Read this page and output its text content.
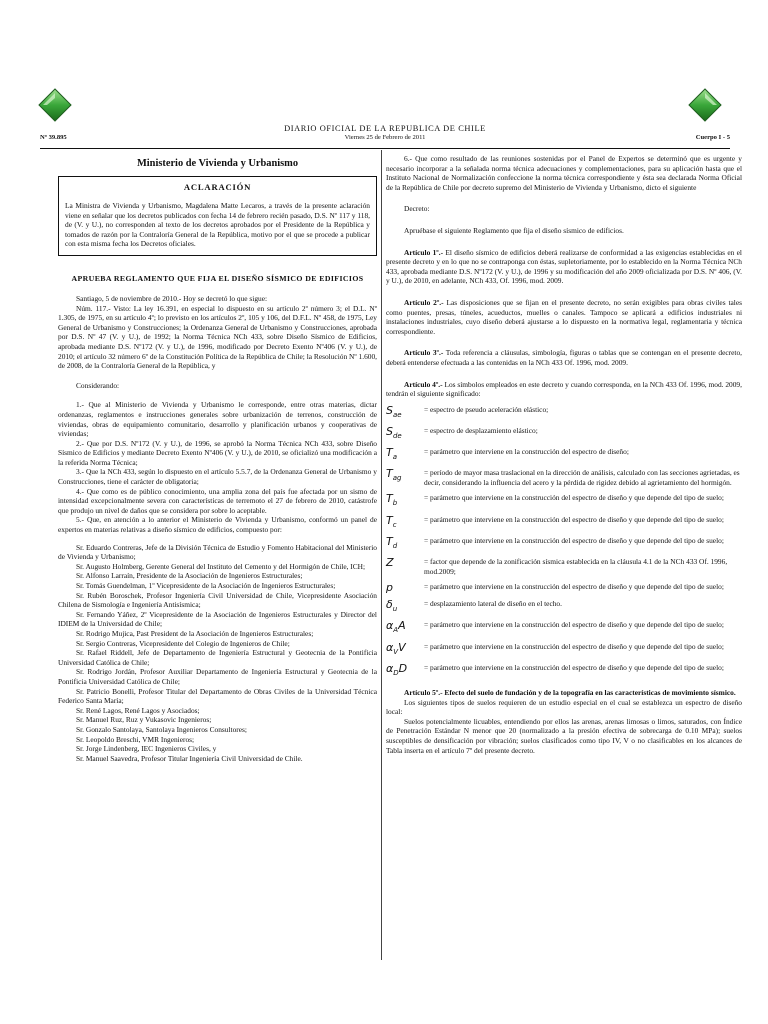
DIARIO OFICIAL DE LA REPUBLICA DE CHILE
Nº 39.895	Viernes 25 de Febrero de 2011	Cuerpo I - 5
Ministerio de Vivienda y Urbanismo
ACLARACIÓN

La Ministra de Vivienda y Urbanismo, Magdalena Matte Lecaros, a través de la presente aclaración viene en señalar que los decretos publicados con fecha 14 de febrero recién pasado, D.S. Nº 117 y 118, de (V. y U.), no corresponden al texto de los decretos aprobados por el Presidente de la República y tomados de razón por la Contraloría General de la República, motivo por el que se procede a publicar con esta misma fecha los Decretos oficiales.

APRUEBA REGLAMENTO QUE FIJA EL DISEÑO SÍSMICO DE EDIFICIOS

Santiago, 5 de noviembre de 2010.- Hoy se decretó lo que sigue:

Núm. 117.- Visto: La ley 16.391, en especial lo dispuesto en su artículo 2º número 3; el D.L. Nº 1.305, de 1975, en su artículo 4º; lo previsto en los artículos 2º, 105 y 106, del D.F.L. Nº 458, de 1975, Ley General de Urbanismo y Construcciones; la Ordenanza General de Urbanismo y Construcciones, aprobada por D.S. Nº 47 (V. y U.), de 1992; la Norma Técnica NCh 433, sobre Diseño Sísmico de Edificios, aprobada mediante D.S. Nº172 (V. y U.), de 1996, modificado por Decreto Exento Nº406 (V. y U.), de 2010; el artículo 32 número 6º de la Constitución Política de la República de Chile; la Resolución Nº 1.600, de 2008, de la Contraloría General de la República, y

Considerando:

1.- Que al Ministerio de Vivienda y Urbanismo le corresponde, entre otras materias, dictar ordenanzas, reglamentos e instrucciones generales sobre urbanización de terrenos, construcción de viviendas, obras de equipamiento comunitario, desarrollo y planificación urbanos y cooperativas de viviendas;

2.- Que por D.S. Nº172 (V. y U.), de 1996, se aprobó la Norma Técnica NCh 433, sobre Diseño Sísmico de Edificios y mediante Decreto Exento Nº406 (V. y U.), de 2010, se oficializó una modificación a la referida Norma Técnica;

3.- Que la NCh 433, según lo dispuesto en el artículo 5.5.7, de la Ordenanza General de Urbanismo y Construcciones, tiene el carácter de obligatoria;

4.- Que como es de público conocimiento, una amplia zona del país fue afectada por un sismo de intensidad excepcionalmente severa con características de terremoto el 27 de febrero de 2010, catástrofe que produjo un nivel de daños que se considera por sobre lo aceptable.

5.- Que, en atención a lo anterior el Ministerio de Vivienda y Urbanismo, conformó un panel de expertos en materias relativas a diseño sísmico de edificios, compuesto por:

Sr. Eduardo Contreras, Jefe de la División Técnica de Estudio y Fomento Habitacional del Ministerio de Vivienda y Urbanismo;

Sr. Augusto Holmberg, Gerente General del Instituto del Cemento y del Hormigón de Chile, ICH;

Sr. Alfonso Larraín, Presidente de la Asociación de Ingenieros Estructurales;

Sr. Tomás Guendelman, 1º Vicepresidente de la Asociación de Ingenieros Estructurales;

Sr. Rubén Boroschek, Profesor Ingeniería Civil Universidad de Chile, Vicepresidente Asociación Chilena de Sismología e Ingeniería Antisísmica;

Sr. Fernando Yáñez, 2º Vicepresidente de la Asociación de Ingenieros Estructurales y Director del IDIEM de la Universidad de Chile;

Sr. Rodrigo Mujica, Past President de la Asociación de Ingenieros Estructurales;

Sr. Sergio Contreras, Vicepresidente del Colegio de Ingenieros de Chile;

Sr. Rafael Riddell, Jefe de Departamento de Ingeniería Estructural y Geotecnia de la Pontificia Universidad Católica de Chile;

Sr. Rodrigo Jordán, Profesor Auxiliar Departamento de Ingeniería Estructural y Geotecnia de la Pontificia Universidad Católica de Chile;

Sr. Patricio Bonelli, Profesor Titular del Departamento de Obras Civiles de la Universidad Técnica Federico Santa María;

Sr. René Lagos, René Lagos y Asociados;

Sr. Manuel Ruz, Ruz y Vukasovic Ingenieros;

Sr. Gonzalo Santolaya, Santolaya Ingenieros Consultores;

Sr. Leopoldo Breschi, VMR Ingenieros;

Sr. Jorge Lindenberg, IEC Ingenieros Civiles, y

Sr. Manuel Saavedra, Profesor Titular Ingeniería Civil Universidad de Chile.

6.- Que como resultado de las reuniones sostenidas por el Panel de Expertos se determinó que es urgente y necesario incorporar a la señalada norma técnica adecuaciones y complementaciones, para su aplicación hasta que el Instituto Nacional de Normalización confeccione la norma técnica correspondiente y ésta sea declarada Norma Oficial de la República de Chile por decreto supremo del Ministerio de Vivienda y Urbanismo, dicto el siguiente

Decreto:

Apruébase el siguiente Reglamento que fija el diseño sísmico de edificios.

Artículo 1º.- El diseño sísmico de edificios deberá realizarse de conformidad a las exigencias establecidas en el presente decreto y en lo que no se contraponga con éstas, supletoriamente, por lo establecido en la Norma Técnica NCh 433, aprobada mediante D.S. Nº172 (V. y U.), de 1996 y su modificación del año 2009 oficializada por D.S. Nº 406, (V. y U.), de 2010, en adelante, NCh 433, Of. 1996, mod. 2009.

Artículo 2º.- Las disposiciones que se fijan en el presente decreto, no serán exigibles para obras civiles tales como puentes, presas, túneles, acueductos, muelles o canales. Tampoco se aplicará a edificios industriales ni instalaciones industriales, cuyo diseño deberá ajustarse a lo dispuesto en la normativa legal, reglamentaria y técnica correspondiente.

Artículo 3º.- Toda referencia a cláusulas, simbología, figuras o tablas que se contengan en el presente decreto, deberá entenderse efectuada a las contenidas en la NCh 433 Of. 1996, mod. 2009.

Artículo 4º.- Los símbolos empleados en este decreto y cuando corresponda, en la NCh 433 Of. 1996, mod. 2009, tendrán el siguiente significado:

$S_{ae}$
= espectro de pseudo aceleración elástico;
$S_{de}$
= espectro de desplazamiento elástico;
$T_a$
= parámetro que interviene en la construcción del espectro de diseño;
$T_{ag}$
= período de mayor masa traslacional en la dirección de análisis, calculado con las secciones agrietadas, es decir, considerando la influencia del acero y la pérdida de rigidez debido al agrietamiento del hormigón.
$T_b$
= parámetro que interviene en la construcción del espectro de diseño y que depende del tipo de suelo;
$T_c$
= parámetro que interviene en la construcción del espectro de diseño y que depende del tipo de suelo;
$T_d$
= parámetro que interviene en la construcción del espectro de diseño y que depende del tipo de suelo;
Z	= factor que depende de la zonificación sísmica establecida en la cláusula 4.1 de la NCh 433 Of. 1996, mod.2009;
p	= parámetro que interviene en la construcción del espectro de diseño y que depende del tipo de suelo;
$\delta_u$
= desplazamiento lateral de diseño en el techo.
$\alpha_AA$	= parámetro que interviene en la construcción del espectro de diseño y que depende del tipo de suelo;
$\alpha_VV$	= parámetro que interviene en la construcción del espectro de diseño y que depende del tipo de suelo;
$\alpha_DD$	= parámetro que interviene en la construcción del espectro de diseño y que depende del tipo de suelo;

Artículo 5º.- Efecto del suelo de fundación y de la topografía en las características de movimiento sísmico.

Los siguientes tipos de suelos requieren de un estudio especial en el cual se establezca un espectro de diseño local:

Suelos potencialmente licuables, entendiendo por ellos las arenas, arenas limosas o limos, saturados, con Índice de Penetración Estándar N menor que 20 (normalizado a la presión efectiva de sobrecarga de 0.10 MPa); suelos susceptibles de densificación por vibración; suelos clasificados como tipo IV, V o no clasificables en los alcances de Tabla inserta en el artículo 7º del presente decreto.
